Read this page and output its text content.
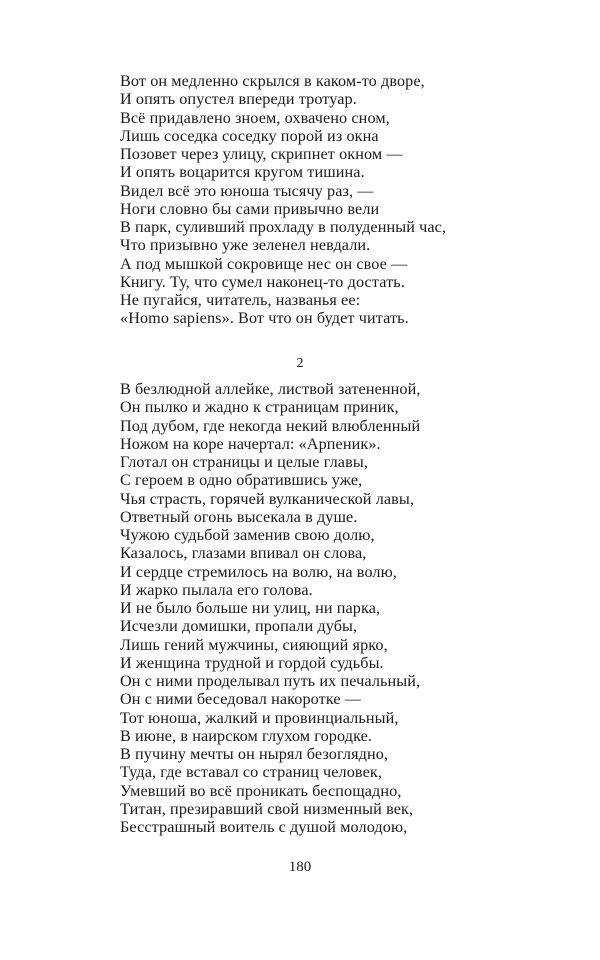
Вот он медленно скрылся в каком-то дворе,
И опять опустел впереди тротуар.
Всё придавлено зноем, охвачено сном,
Лишь соседка соседку порой из окна
Позовет через улицу, скрипнет окном —
И опять воцарится кругом тишина.
Видел всё это юноша тысячу раз, —
Ноги словно бы сами привычно вели
В парк, суливший прохладу в полуденный час,
Что призывно уже зеленел невдали.
А под мышкой сокровище нес он свое —
Книгу. Ту, что сумел наконец-то достать.
Не пугайся, читатель, названья ее:
«Homo sapiens». Вот что он будет читать.
2
В безлюдной аллейке, листвой затененной,
Он пылко и жадно к страницам приник,
Под дубом, где некогда некий влюбленный
Ножом на коре начертал: «Арпеник».
Глотал он страницы и целые главы,
С героем в одно обратившись уже,
Чья страсть, горячей вулканической лавы,
Ответный огонь высекала в душе.
Чужою судьбой заменив свою долю,
Казалось, глазами впивал он слова,
И сердце стремилось на волю, на волю,
И жарко пылала его голова.
И не было больше ни улиц, ни парка,
Исчезли домишки, пропали дубы,
Лишь гений мужчины, сияющий ярко,
И женщина трудной и гордой судьбы.
Он с ними проделывал путь их печальный,
Он с ними беседовал накоротке —
Тот юноша, жалкий и провинциальный,
В июне, в наирском глухом городке.
В пучину мечты он нырял безоглядно,
Туда, где вставал со страниц человек,
Умевший во всё проникать беспощадно,
Титан, презиравший свой низменный век,
Бесстрашный воитель с душой молодою,
180
